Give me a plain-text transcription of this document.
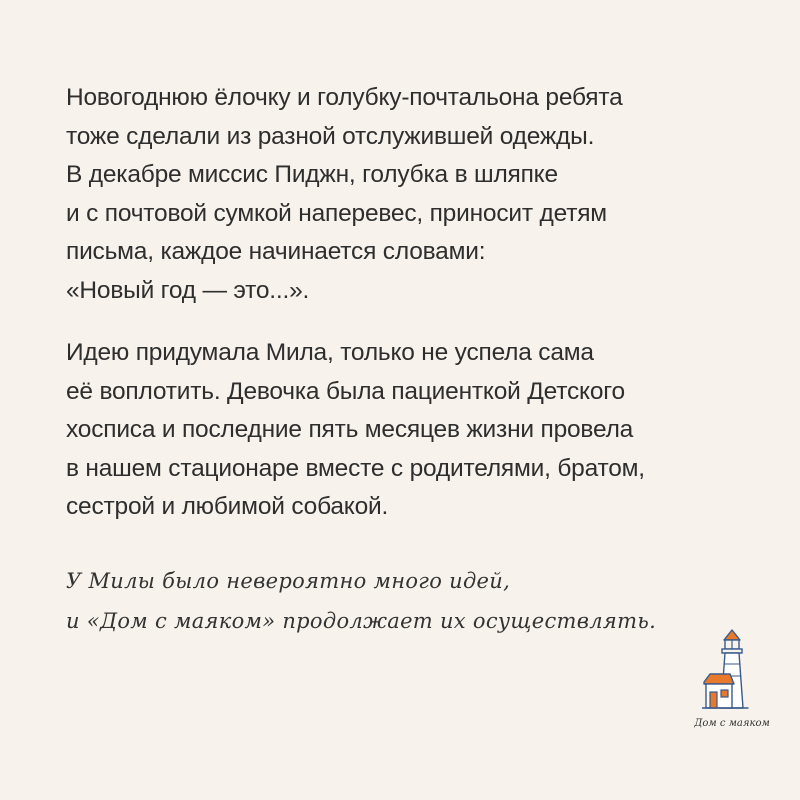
Новогоднюю ёлочку и голубку-почтальона ребята
тоже сделали из разной отслужившей одежды.
В декабре миссис Пиджн, голубка в шляпке
и с почтовой сумкой наперевес, приносит детям
письма, каждое начинается словами:
«Новый год — это...».
Идею придумала Мила, только не успела сама
её воплотить. Девочка была пациенткой Детского
хосписа и последние пять месяцев жизни провела
в нашем стационаре вместе с родителями, братом,
сестрой и любимой собакой.
У Милы было невероятно много идей,
и «Дом с маяком» продолжает их осуществлять.
Дом с маяком
